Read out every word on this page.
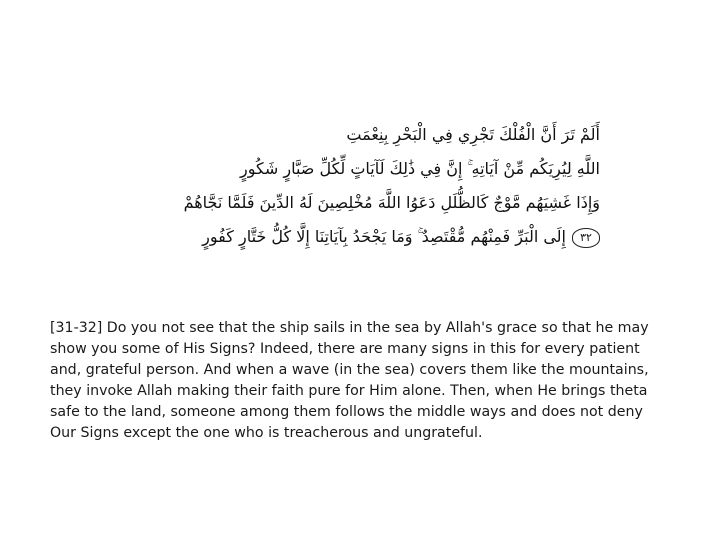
أَلَمْ تَرَ أَنَّ الْفُلْكَ تَجْرِي فِي الْبَحْرِ بِنِعْمَتِ
اللَّهِ لِيُرِيَكُم مِّنْ آيَاتِهِ ۚ إِنَّ فِي ذَٰلِكَ لَآيَاتٍ لِّكُلِّ صَبَّارٍ شَكُورٍ
وَإِذَا غَشِيَهُم مَّوْجٌ كَالظُّلَلِ دَعَوُا اللَّهَ مُخْلِصِينَ لَهُ الدِّينَ فَلَمَّا نَجَّاهُمْ
٣٢إِلَى الْبَرِّ فَمِنْهُم مُّقْتَصِدٌ ۚ وَمَا يَجْحَدُ بِآيَاتِنَا إِلَّا كُلُّ خَتَّارٍ كَفُورٍ
[31-32] Do you not see that the ship sails in the sea by Allah's grace so that he may show you some of His Signs? Indeed, there are many signs in this for every patient and, grateful person. And when a wave (in the sea) covers them like the mountains, they invoke Allah making their faith pure for Him alone. Then, when He brings theta safe to the land, someone among them follows the middle ways and does not deny Our Signs except the one who is treacherous and ungrateful.
